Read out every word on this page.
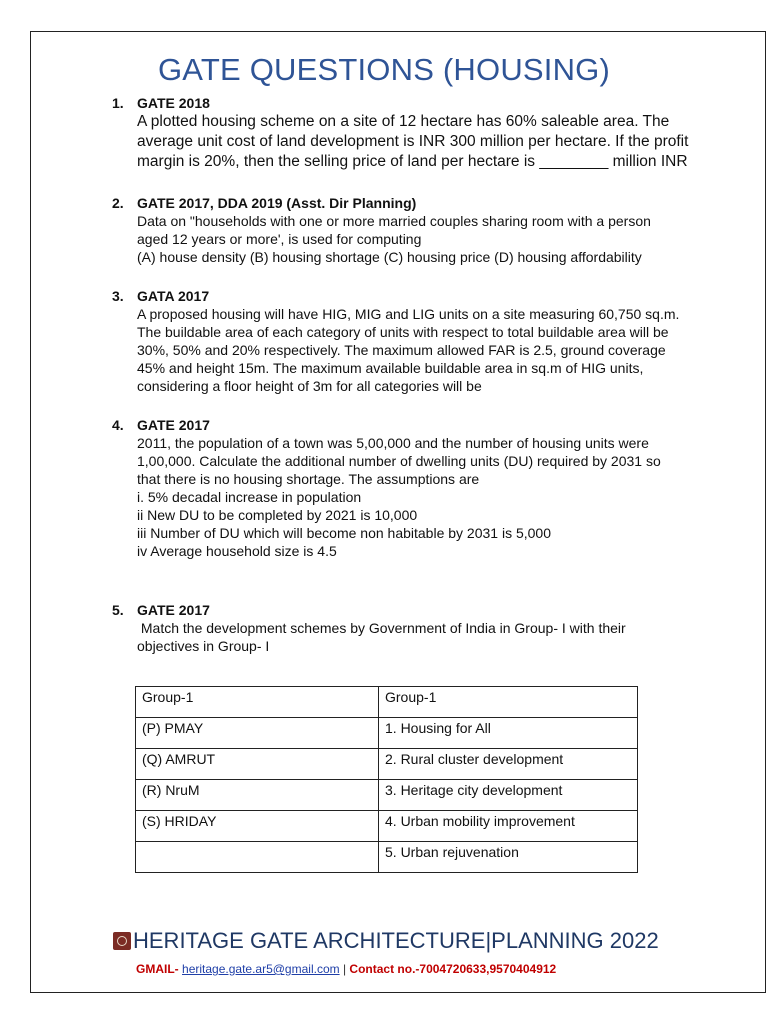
GATE QUESTIONS (HOUSING)
1. GATE 2018
A plotted housing scheme on a site of 12 hectare has 60% saleable area. The
average unit cost of land development is INR 300 million per hectare. If the profit
margin is 20%, then the selling price of land per hectare is ________ million INR
2. GATE 2017, DDA 2019 (Asst. Dir Planning)
Data on "households with one or more married couples sharing room with a person
aged 12 years or more', is used for computing
(A) house density (B) housing shortage (C) housing price (D) housing affordability
3. GATA 2017
A proposed housing will have HIG, MIG and LIG units on a site measuring 60,750 sq.m.
The buildable area of each category of units with respect to total buildable area will be
30%, 50% and 20% respectively. The maximum allowed FAR is 2.5, ground coverage
45% and height 15m. The maximum available buildable area in sq.m of HIG units,
considering a floor height of 3m for all categories will be
4. GATE 2017
2011, the population of a town was 5,00,000 and the number of housing units were
1,00,000. Calculate the additional number of dwelling units (DU) required by 2031 so
that there is no housing shortage. The assumptions are
i. 5% decadal increase in population
ii New DU to be completed by 2021 is 10,000
iii Number of DU which will become non habitable by 2031 is 5,000
iv Average household size is 4.5
5. GATE 2017
Match the development schemes by Government of India in Group- I with their
objectives in Group- I
Group-1	Group-1
(P) PMAY	1. Housing for All
(Q) AMRUT	2. Rural cluster development
(R) NruM	3. Heritage city development
(S) HRIDAY	4. Urban mobility improvement
	5. Urban rejuvenation
HERITAGE GATE ARCHITECTURE|PLANNING 2022
GMAIL- heritage.gate.ar5@gmail.com | Contact no.-7004720633,9570404912
